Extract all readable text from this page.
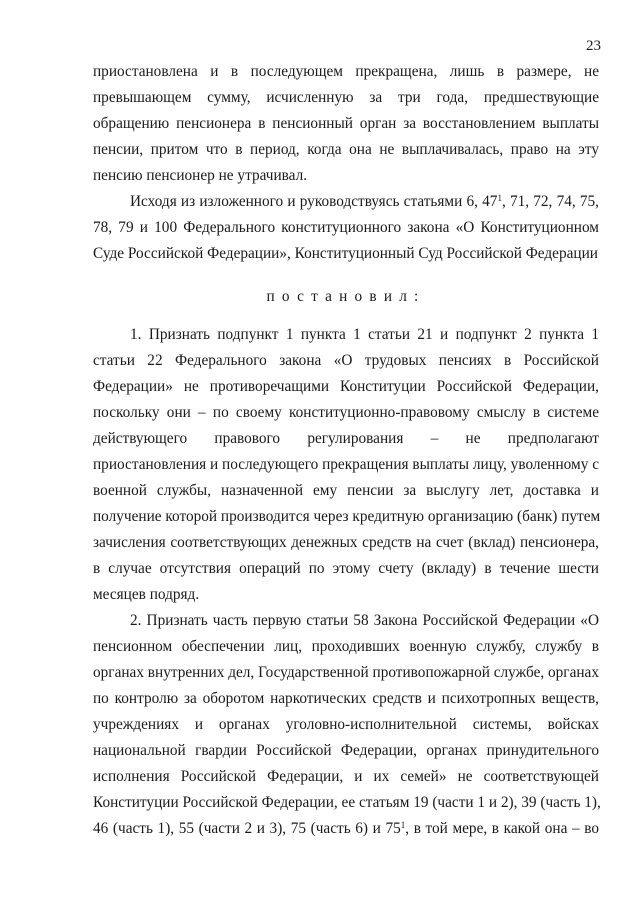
23
приостановлена и в последующем прекращена, лишь в размере, не
превышающем сумму, исчисленную за три года, предшествующие
обращению пенсионера в пенсионный орган за восстановлением выплаты
пенсии, притом что в период, когда она не выплачивалась, право на эту
пенсию пенсионер не утрачивал.
Исходя из изложенного и руководствуясь статьями 6, $47^1$, 71, 72, 74, 75,
78, 79 и 100 Федерального конституционного закона «О Конституционном
Суде Российской Федерации», Конституционный Суд Российской Федерации
постановил:
1. Признать подпункт 1 пункта 1 статьи 21 и подпункт 2 пункта 1
статьи 22 Федерального закона «О трудовых пенсиях в Российской
Федерации» не противоречащими Конституции Российской Федерации,
поскольку они – по своему конституционно-правовому смыслу в системе
действующего правового регулирования – не предполагают
приостановления и последующего прекращения выплаты лицу, уволенному с
военной службы, назначенной ему пенсии за выслугу лет, доставка и
получение которой производится через кредитную организацию (банк) путем
зачисления соответствующих денежных средств на счет (вклад) пенсионера,
в случае отсутствия операций по этому счету (вкладу) в течение шести
месяцев подряд.
2. Признать часть первую статьи 58 Закона Российской Федерации «О
пенсионном обеспечении лиц, проходивших военную службу, службу в
органах внутренних дел, Государственной противопожарной службе, органах
по контролю за оборотом наркотических средств и психотропных веществ,
учреждениях и органах уголовно-исполнительной системы, войсках
национальной гвардии Российской Федерации, органах принудительного
исполнения Российской Федерации, и их семей» не соответствующей
Конституции Российской Федерации, ее статьям 19 (части 1 и 2), 39 (часть 1),
46 (часть 1), 55 (части 2 и 3), 75 (часть 6) и $75^1$, в той мере, в какой она – во
